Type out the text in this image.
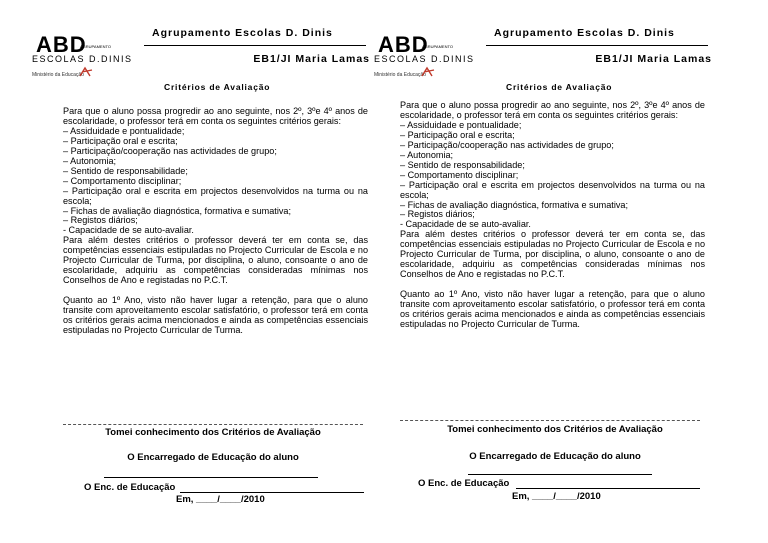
ABD
AGRUPAMENTO
ESCOLAS D.DINIS
Ministério da Educação
Agrupamento Escolas D. Dinis
EB1/JI Maria Lamas
Critérios de Avaliação

Para que o aluno possa progredir ao ano seguinte, nos 2º, 3ºe 4º anos de escolaridade, o professor terá em conta os seguintes critérios gerais:

– Assiduidade e pontualidade;

– Participação oral e escrita;

– Participação/cooperação nas actividades de grupo;

– Autonomia;

– Sentido de responsabilidade;

– Comportamento disciplinar;

– Participação oral e escrita em projectos desenvolvidos na turma ou na escola;

– Fichas de avaliação diagnóstica, formativa e sumativa;

– Registos diários;

- Capacidade de se auto-avaliar.

Para além destes critérios o professor deverá ter em conta se, das competências essenciais estipuladas no Projecto Curricular de Escola e no Projecto Curricular de Turma, por disciplina, o aluno, consoante o ano de escolaridade, adquiriu as competências consideradas mínimas nos Conselhos de Ano e registadas no P.C.T.

Quanto ao 1º Ano, visto não haver lugar a retenção, para que o aluno transite com aproveitamento escolar satisfatório, o professor terá em conta os critérios gerais acima mencionados e ainda as competências essenciais estipuladas no Projecto Curricular de Turma.

Tomei conhecimento dos Critérios de Avaliação
O Encarregado de Educação do aluno
O Enc. de Educação
Em, ____/____/2010
ABD
AGRUPAMENTO
ESCOLAS D.DINIS
Ministério da Educação
Agrupamento Escolas D. Dinis
EB1/JI Maria Lamas
Critérios de Avaliação

Para que o aluno possa progredir ao ano seguinte, nos 2º, 3ºe 4º anos de escolaridade, o professor terá em conta os seguintes critérios gerais:

– Assiduidade e pontualidade;

– Participação oral e escrita;

– Participação/cooperação nas actividades de grupo;

– Autonomia;

– Sentido de responsabilidade;

– Comportamento disciplinar;

– Participação oral e escrita em projectos desenvolvidos na turma ou na escola;

– Fichas de avaliação diagnóstica, formativa e sumativa;

– Registos diários;

- Capacidade de se auto-avaliar.

Para além destes critérios o professor deverá ter em conta se, das competências essenciais estipuladas no Projecto Curricular de Escola e no Projecto Curricular de Turma, por disciplina, o aluno, consoante o ano de escolaridade, adquiriu as competências consideradas mínimas nos Conselhos de Ano e registadas no P.C.T.

Quanto ao 1º Ano, visto não haver lugar a retenção, para que o aluno transite com aproveitamento escolar satisfatório, o professor terá em conta os critérios gerais acima mencionados e ainda as competências essenciais estipuladas no Projecto Curricular de Turma.

Tomei conhecimento dos Critérios de Avaliação
O Encarregado de Educação do aluno
O Enc. de Educação
Em, ____/____/2010
